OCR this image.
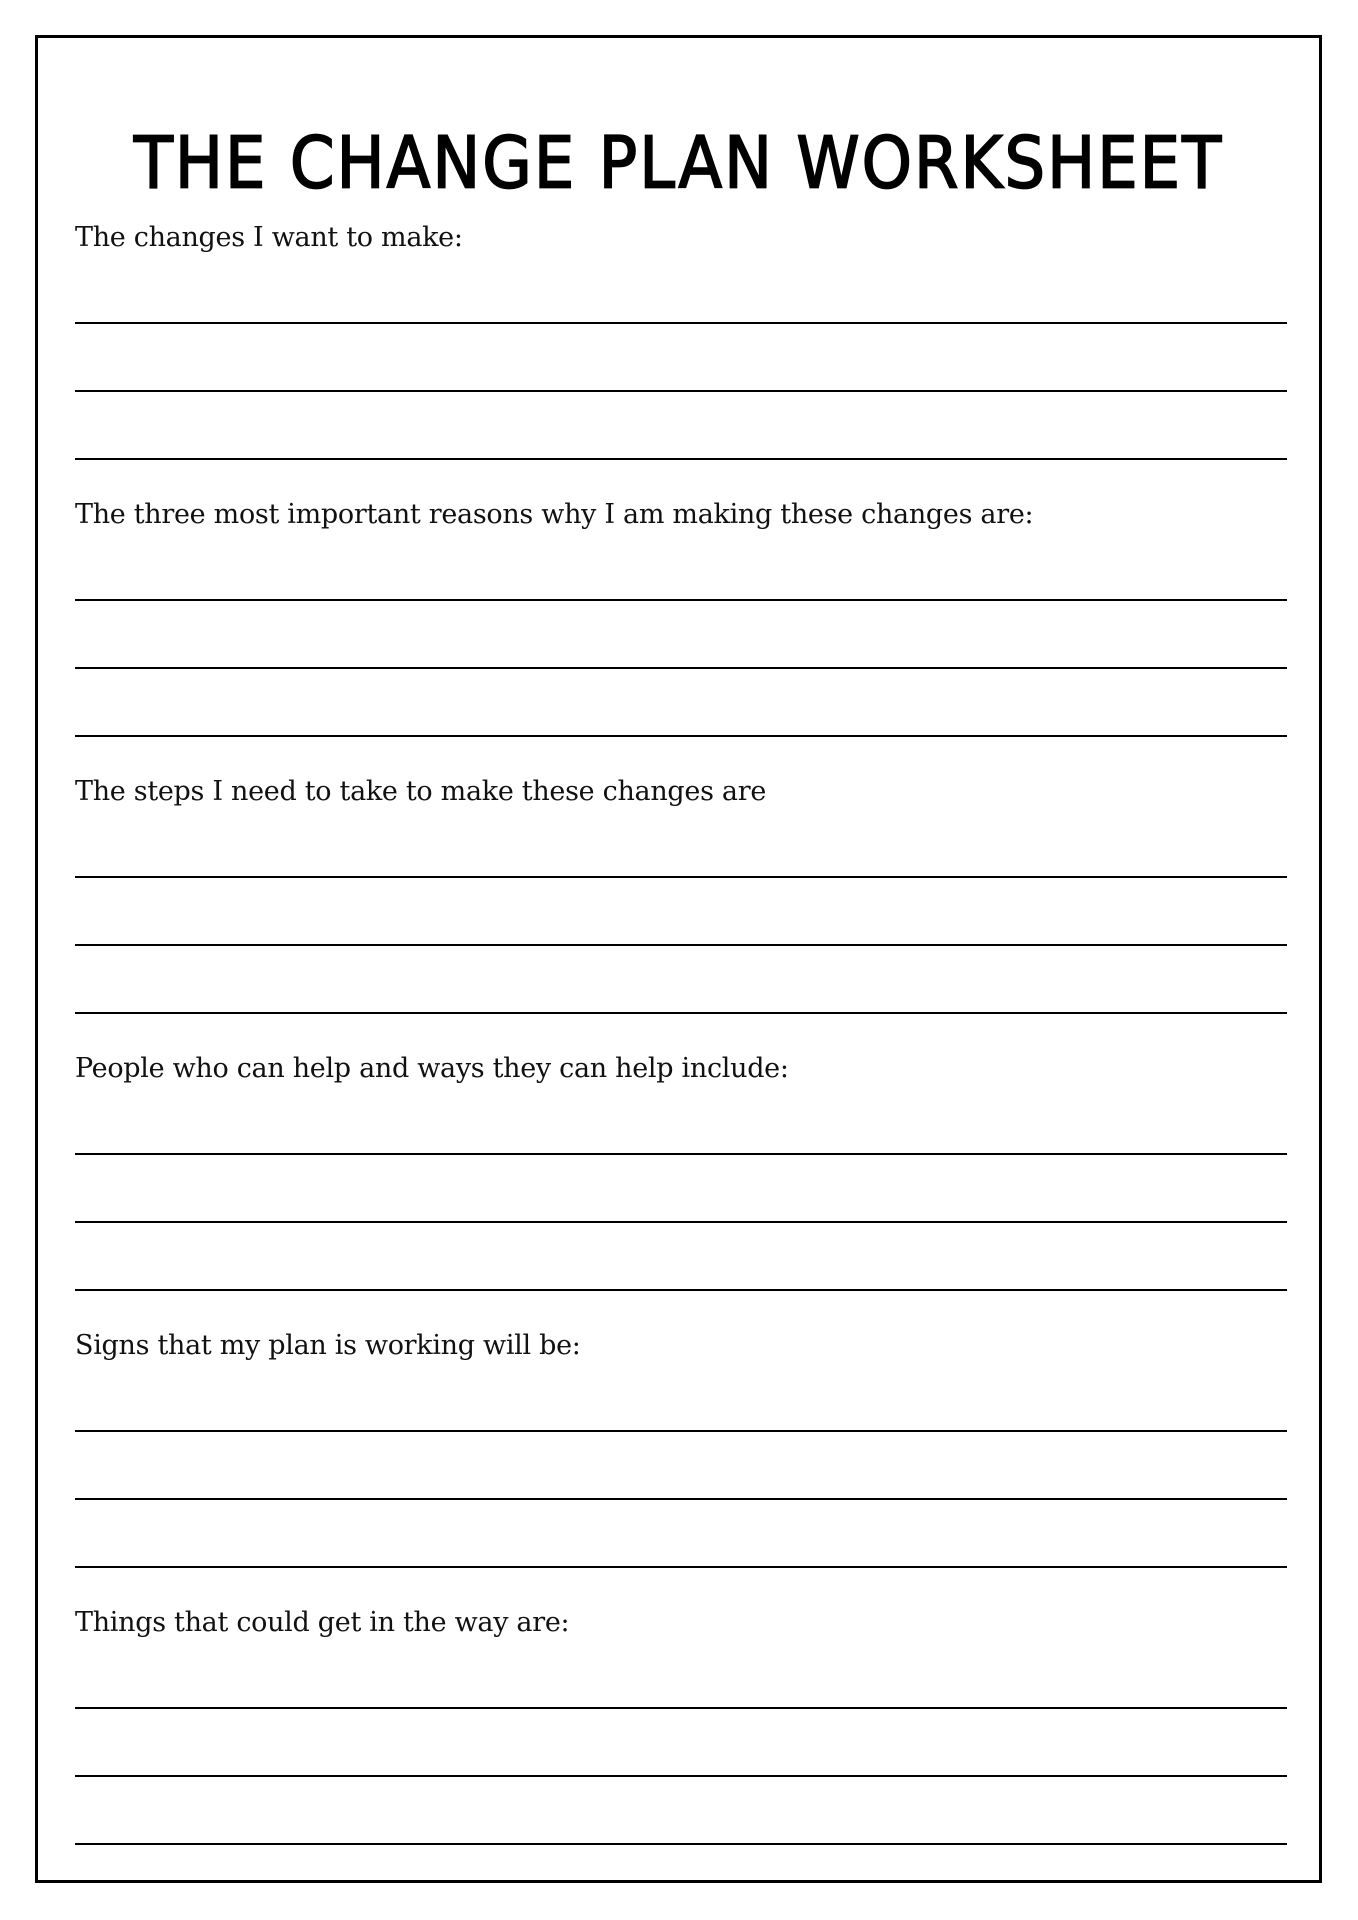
THE CHANGE PLAN WORKSHEET
The changes I want to make:
The three most important reasons why I am making these changes are:
The steps I need to take to make these changes are
People who can help and ways they can help include:
Signs that my plan is working will be:
Things that could get in the way are:
